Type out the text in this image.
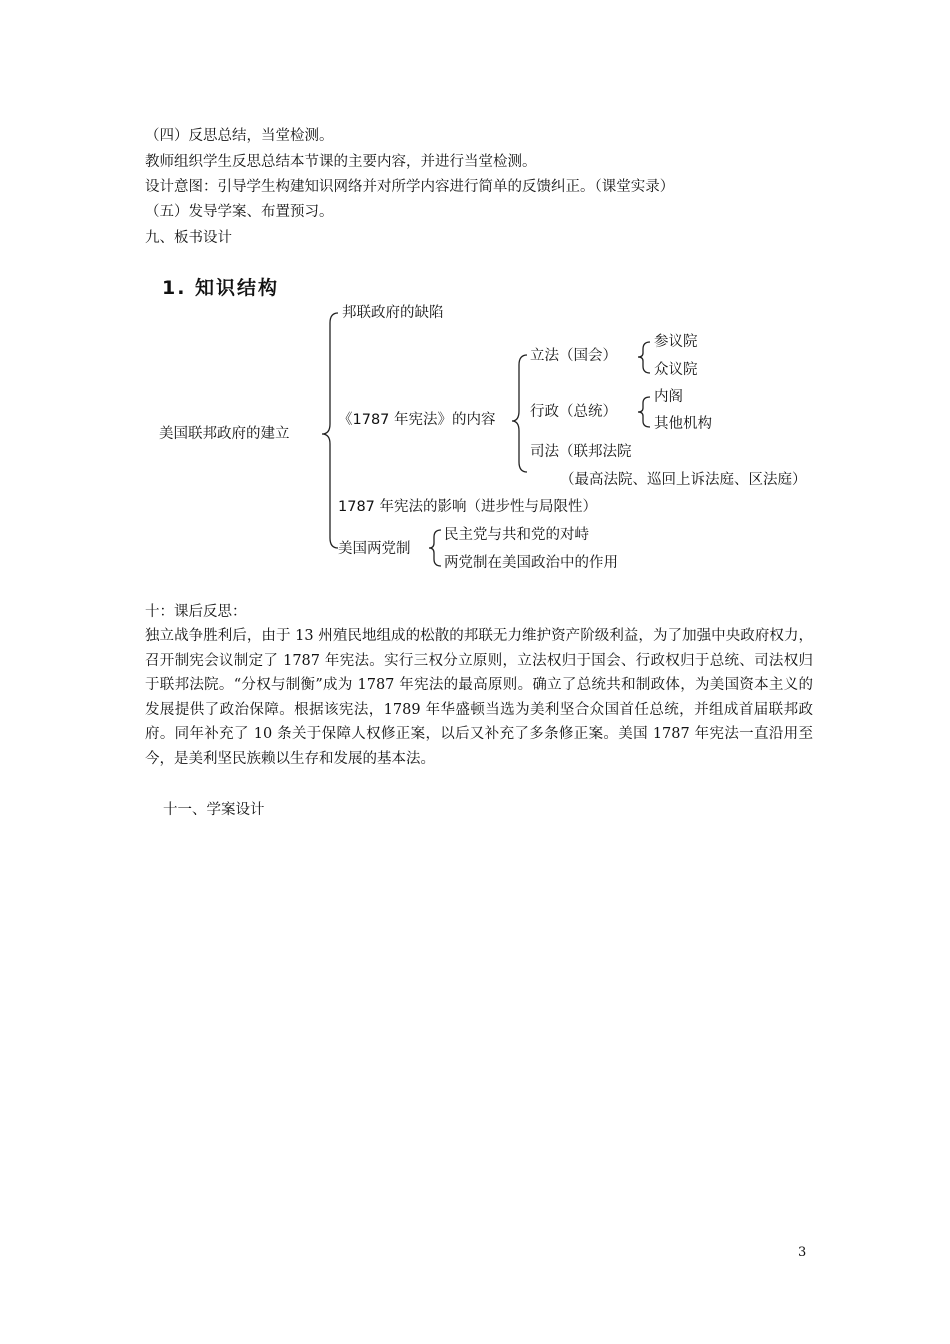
（四）反思总结，当堂检测。
教师组织学生反思总结本节课的主要内容，并进行当堂检测。
设计意图：引导学生构建知识网络并对所学内容进行简单的反馈纠正。（课堂实录）
（五）发导学案、布置预习。
九、板书设计
1. 知识结构
邦联政府的缺陷
美国联邦政府的建立
《1787 年宪法》的内容
立法（国会）
参议院
众议院
行政（总统）
内阁
其他机构
司法（联邦法院
（最高法院、巡回上诉法庭、区法庭）
1787 年宪法的影响（进步性与局限性）
美国两党制
民主党与共和党的对峙
两党制在美国政治中的作用
十：课后反思：
独立战争胜利后，由于 13 州殖民地组成的松散的邦联无力维护资产阶级利益，为了加强中央政府权力，召开制宪会议制定了 1787 年宪法。实行三权分立原则，立法权归于国会、行政权归于总统、司法权归于联邦法院。“分权与制衡”成为 1787 年宪法的最高原则。确立了总统共和制政体，为美国资本主义的发展提供了政治保障。根据该宪法，1789 年华盛顿当选为美利坚合众国首任总统，并组成首届联邦政府。同年补充了 10 条关于保障人权修正案，以后又补充了多条修正案。美国 1787 年宪法一直沿用至今，是美利坚民族赖以生存和发展的基本法。
十一、学案设计
3
